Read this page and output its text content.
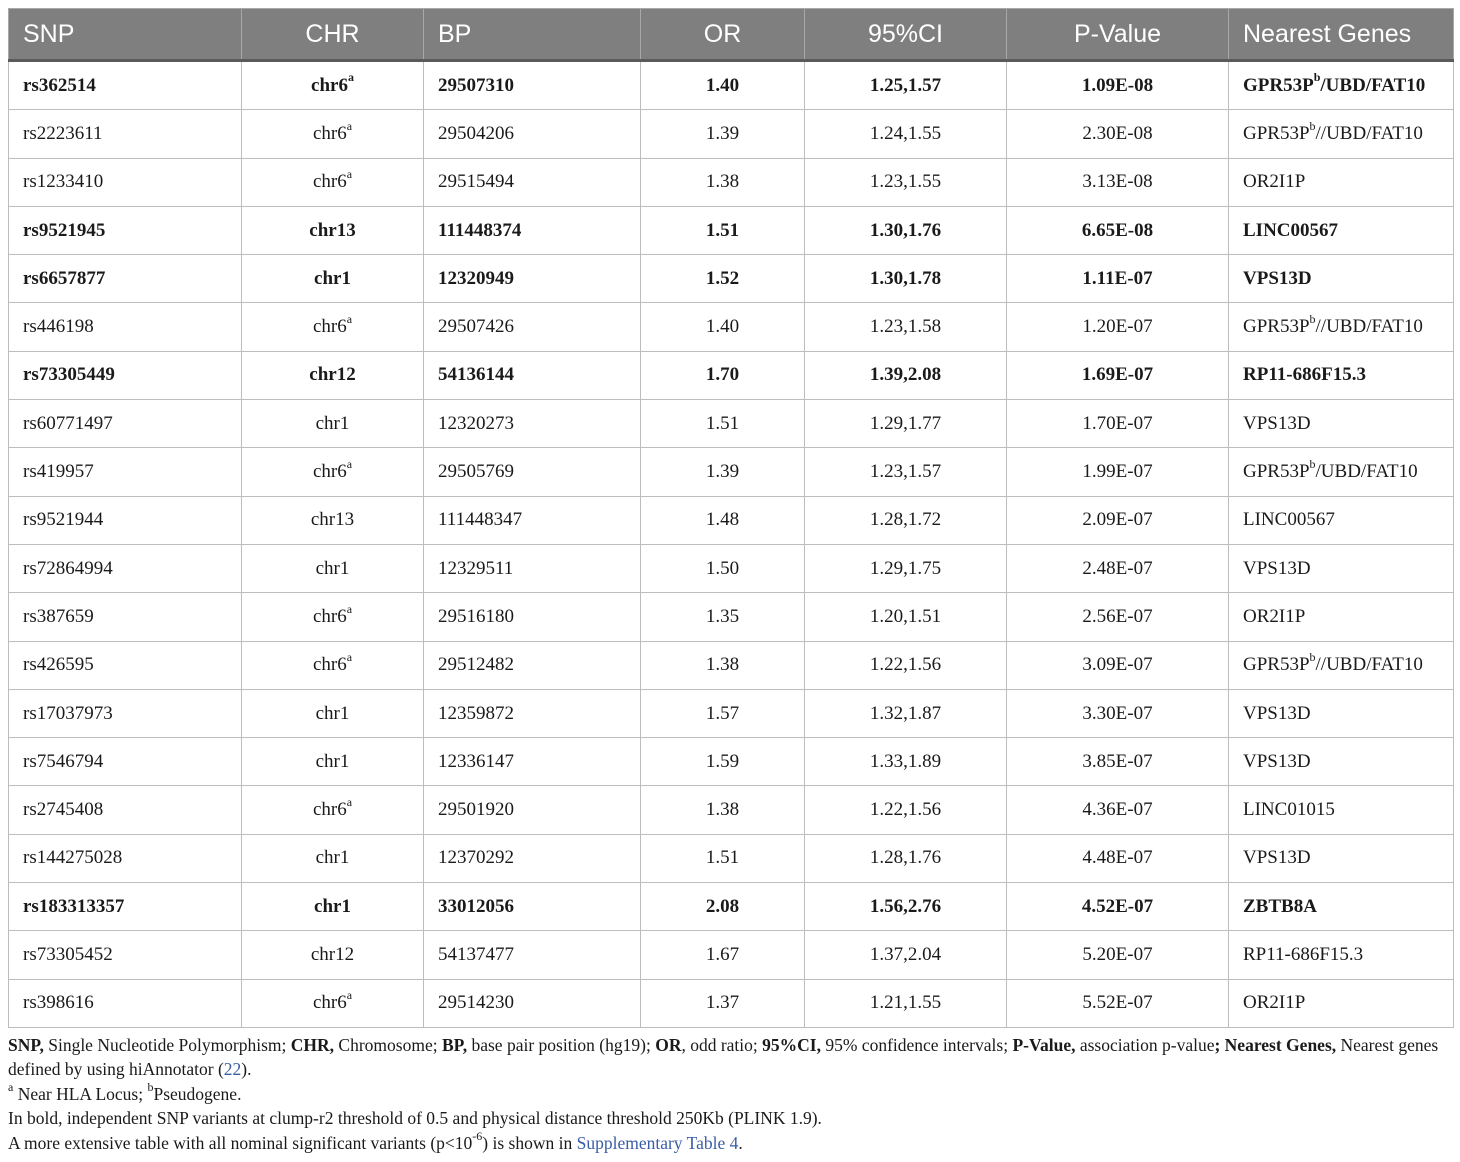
SNP	CHR	BP	OR	95%CI	P-Value	Nearest Genes
rs362514	chr6$^a$	29507310	1.40	1.25,1.57	1.09E-08	$GPR53P^b/UBD/FAT10$
rs2223611	chr6$^a$	29504206	1.39	1.24,1.55	2.30E-08	$GPR53P^b//UBD/FAT10$
rs1233410	chr6$^a$	29515494	1.38	1.23,1.55	3.13E-08	OR2I1P
rs9521945	chr13	111448374	1.51	1.30,1.76	6.65E-08	LINC00567
rs6657877	chr1	12320949	1.52	1.30,1.78	1.11E-07	VPS13D
rs446198	chr6$^a$	29507426	1.40	1.23,1.58	1.20E-07	$GPR53P^b//UBD/FAT10$
rs73305449	chr12	54136144	1.70	1.39,2.08	1.69E-07	RP11-686F15.3
rs60771497	chr1	12320273	1.51	1.29,1.77	1.70E-07	VPS13D
rs419957	chr6$^a$	29505769	1.39	1.23,1.57	1.99E-07	$GPR53P^b/UBD/FAT10$
rs9521944	chr13	111448347	1.48	1.28,1.72	2.09E-07	LINC00567
rs72864994	chr1	12329511	1.50	1.29,1.75	2.48E-07	VPS13D
rs387659	chr6$^a$	29516180	1.35	1.20,1.51	2.56E-07	OR2I1P
rs426595	chr6$^a$	29512482	1.38	1.22,1.56	3.09E-07	$GPR53P^b//UBD/FAT10$
rs17037973	chr1	12359872	1.57	1.32,1.87	3.30E-07	VPS13D
rs7546794	chr1	12336147	1.59	1.33,1.89	3.85E-07	VPS13D
rs2745408	chr6$^a$	29501920	1.38	1.22,1.56	4.36E-07	LINC01015
rs144275028	chr1	12370292	1.51	1.28,1.76	4.48E-07	VPS13D
rs183313357	chr1	33012056	2.08	1.56,2.76	4.52E-07	ZBTB8A
rs73305452	chr12	54137477	1.67	1.37,2.04	5.20E-07	RP11-686F15.3
rs398616	chr6$^a$	29514230	1.37	1.21,1.55	5.52E-07	OR2I1P
SNP, Single Nucleotide Polymorphism; CHR, Chromosome; BP, base pair position (hg19); OR, odd ratio; 95%CI, 95% confidence intervals; P-Value, association p-value; Nearest Genes, Nearest genes defined by using hiAnnotator (22).
$^a$ Near HLA Locus; $^b$Pseudogene.
In bold, independent SNP variants at clump-r2 threshold of 0.5 and physical distance threshold 250Kb (PLINK 1.9).
A more extensive table with all nominal significant variants $(p<10^{-6})$ is shown in Supplementary Table 4.
